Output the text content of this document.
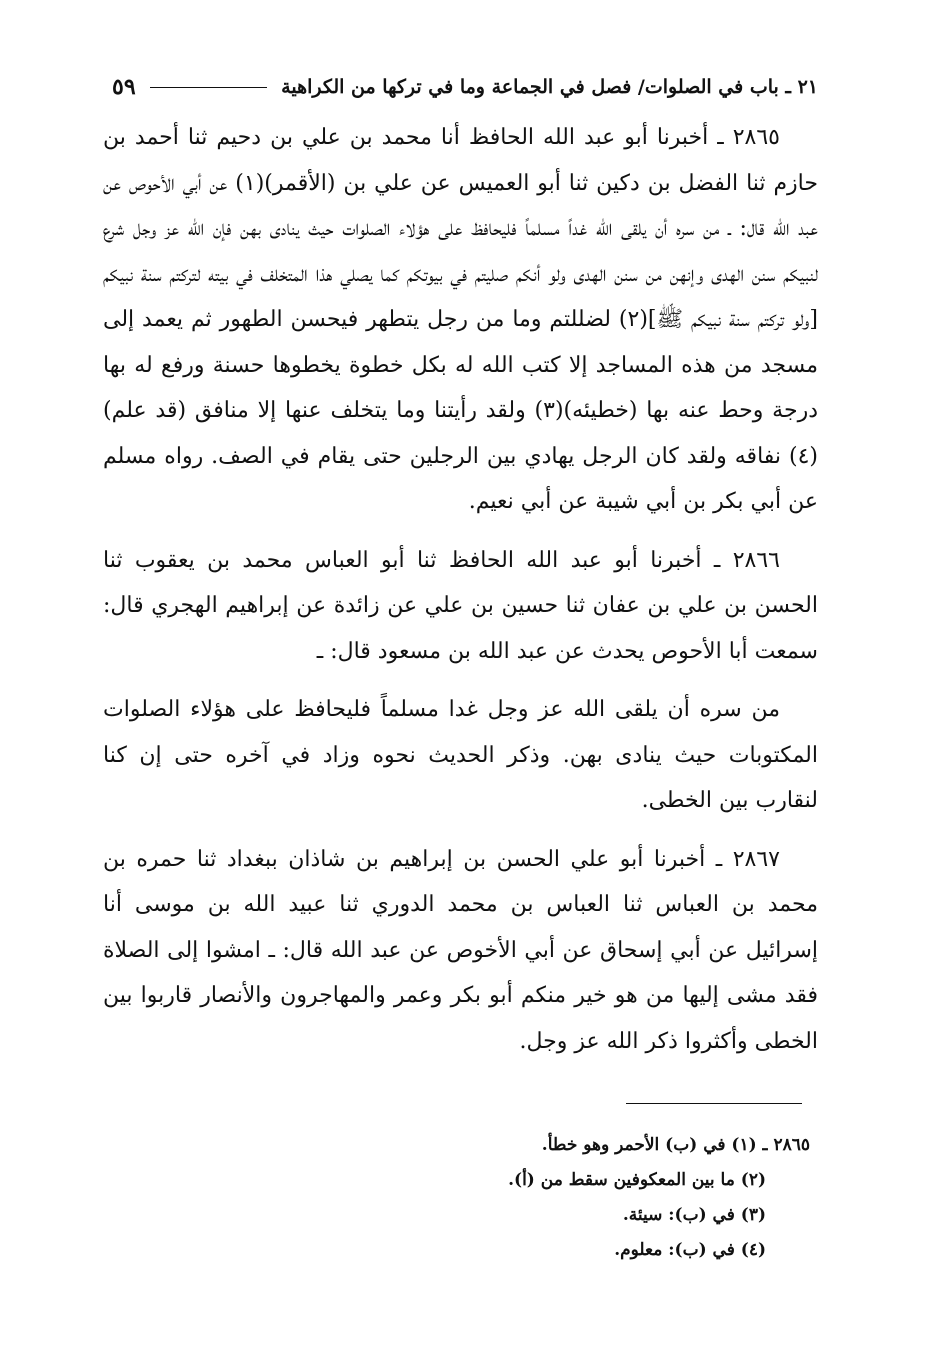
٢١ ـ باب في الصلوات/ فصل في الجماعة وما في تركها من الكراهية
٥٩

٢٨٦٥ ـ أخبرنا أبو عبد الله الحافظ أنا محمد بن علي بن دحيم ثنا أحمد بن حازم ثنا الفضل بن دكين ثنا أبو العميس عن علي بن (الأقمر)(١) عن أبي الأحوص عن عبد الله قال: ـ من سره أن يلقى الله غداً مسلماً فليحافظ على هؤلاء الصلوات حيث ينادى بهن فإن الله عز وجل شرع لنبيكم سنن الهدى وإنهن من سنن الهدى ولو أنكم صليتم في بيوتكم كما يصلي هذا المتخلف في بيته لتركتم سنة نبيكم [ولو تركتم سنة نبيكم ﷺ](٢) لضللتم وما من رجل يتطهر فيحسن الطهور ثم يعمد إلى مسجد من هذه المساجد إلا كتب الله له بكل خطوة يخطوها حسنة ورفع له بها درجة وحط عنه بها (خطيئه)(٣) ولقد رأيتنا وما يتخلف عنها إلا منافق (قد علم)(٤) نفاقه ولقد كان الرجل يهادي بين الرجلين حتى يقام في الصف. رواه مسلم عن أبي بكر بن أبي شيبة عن أبي نعيم.

٢٨٦٦ ـ أخبرنا أبو عبد الله الحافظ ثنا أبو العباس محمد بن يعقوب ثنا الحسن بن علي بن عفان ثنا حسين بن علي عن زائدة عن إبراهيم الهجري قال: سمعت أبا الأحوص يحدث عن عبد الله بن مسعود قال: ـ

من سره أن يلقى الله عز وجل غدا مسلماً فليحافظ على هؤلاء الصلوات المكتوبات حيث ينادى بهن. وذكر الحديث نحوه وزاد في آخره حتى إن كنا لنقارب بين الخطى.

٢٨٦٧ ـ أخبرنا أبو علي الحسن بن إبراهيم بن شاذان ببغداد ثنا حمره بن محمد بن العباس ثنا العباس بن محمد الدوري ثنا عبيد الله بن موسى أنا إسرائيل عن أبي إسحاق عن أبي الأخوص عن عبد الله قال: ـ امشوا إلى الصلاة فقد مشى إليها من هو خير منكم أبو بكر وعمر والمهاجرون والأنصار قاربوا بين الخطى وأكثروا ذكر الله عز وجل.

٢٨٦٥ ـ (١) في (ب) الأحمر وهو خطأ.
(٢) ما بين المعكوفين سقط من (أ).
(٣) في (ب): سيئة.
(٤) في (ب): معلوم.
